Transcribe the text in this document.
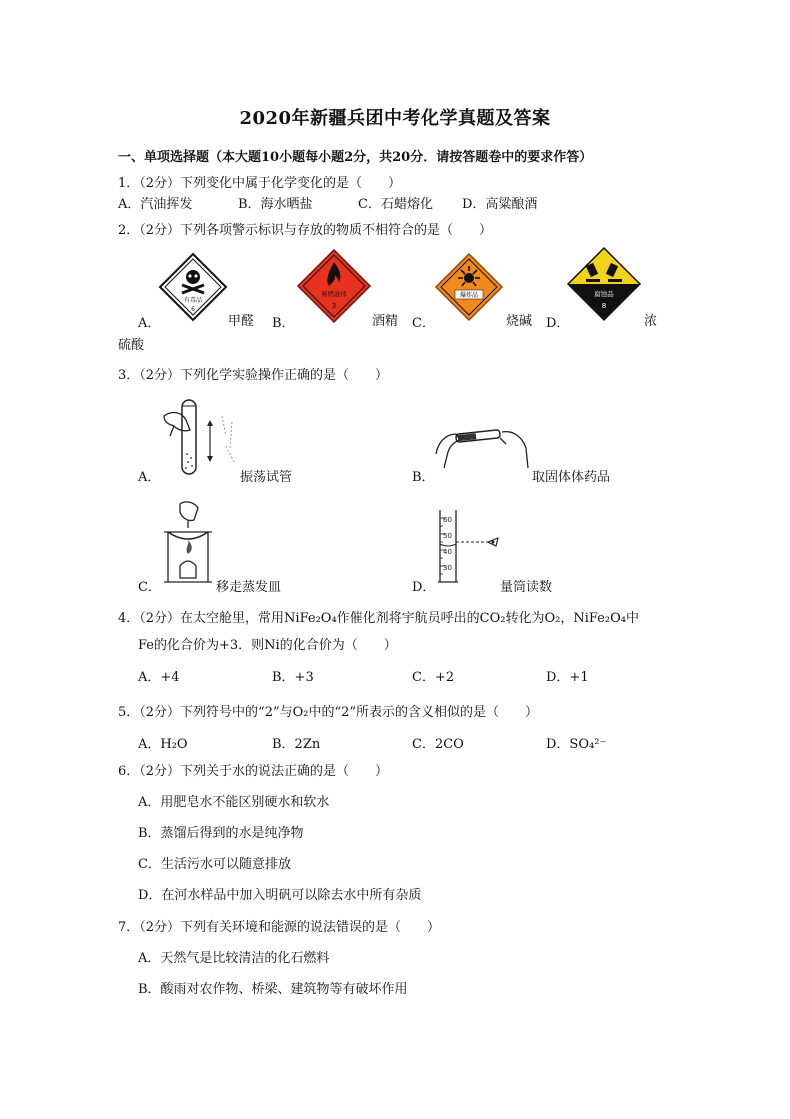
2020年新疆兵团中考化学真题及答案
一、单项选择题（本大题10小题每小题2分，共20分．请按答题卷中的要求作答）
1．（2分）下列变化中属于化学变化的是（　　）
A．汽油挥发	B．海水晒盐	C．石蜡熔化 D．高粱酿酒
2．（2分）下列各项警示标识与存放的物质不相符合的是（　　）
有毒品
6
易燃液体
3
爆炸品	腐蚀品
8
A．	甲醛 B．	酒精 C．	烧碱 D．	浓
硫酸
3．（2分）下列化学实验操作正确的是（　　）
A．	振荡试管	B．	取固体体药品
C．	移走蒸发皿
60
50
40
30
D．	量筒读数
4．（2分）在太空舱里，常用NiFe₂O₄作催化剂将宇航员呼出的CO₂转化为O₂，NiFe₂O₄中
Fe的化合价为+3．则Ni的化合价为（　　）
A．+4	B．+3	C．+2	D．+1
5．（2分）下列符号中的“2”与O₂中的“2”所表示的含义相似的是（　　）
A．H₂O	B．2Zn	C．2CO	D．SO₄²⁻
6．（2分）下列关于水的说法正确的是（　　）
A．用肥皂水不能区别硬水和软水
B．蒸馏后得到的水是纯净物
C．生活污水可以随意排放
D．在河水样品中加入明矾可以除去水中所有杂质
7．（2分）下列有关环境和能源的说法错误的是（　　）
A．天然气是比较清洁的化石燃料
B．酸雨对农作物、桥梁、建筑物等有破坏作用
